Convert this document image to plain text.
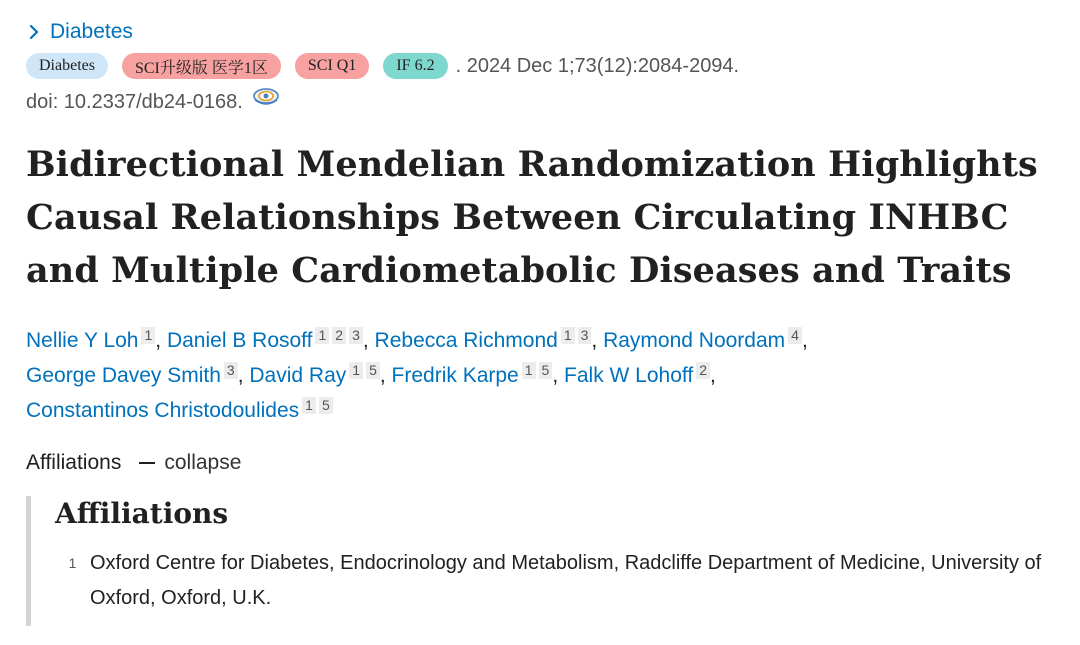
Diabetes
Diabetes	SCI升级版 医学1区	SCI Q1	IF 6.2	. 2024 Dec 1;73(12):2084-2094.
doi: 10.2337/db24-0168.
Bidirectional Mendelian Randomization Highlights Causal Relationships Between Circulating INHBC and Multiple Cardiometabolic Diseases and Traits
Nellie Y Loh 1 , Daniel B Rosoff 1 2 3 , Rebecca Richmond 1 3 , Raymond Noordam 4 ,
George Davey Smith 3 , David Ray 1 5 , Fredrik Karpe 1 5 , Falk W Lohoff 2 ,
Constantinos Christodoulides 1 5
Affiliations collapse
Affiliations
1 Oxford Centre for Diabetes, Endocrinology and Metabolism, Radcliffe Department of Medicine, University of Oxford, Oxford, U.K.
